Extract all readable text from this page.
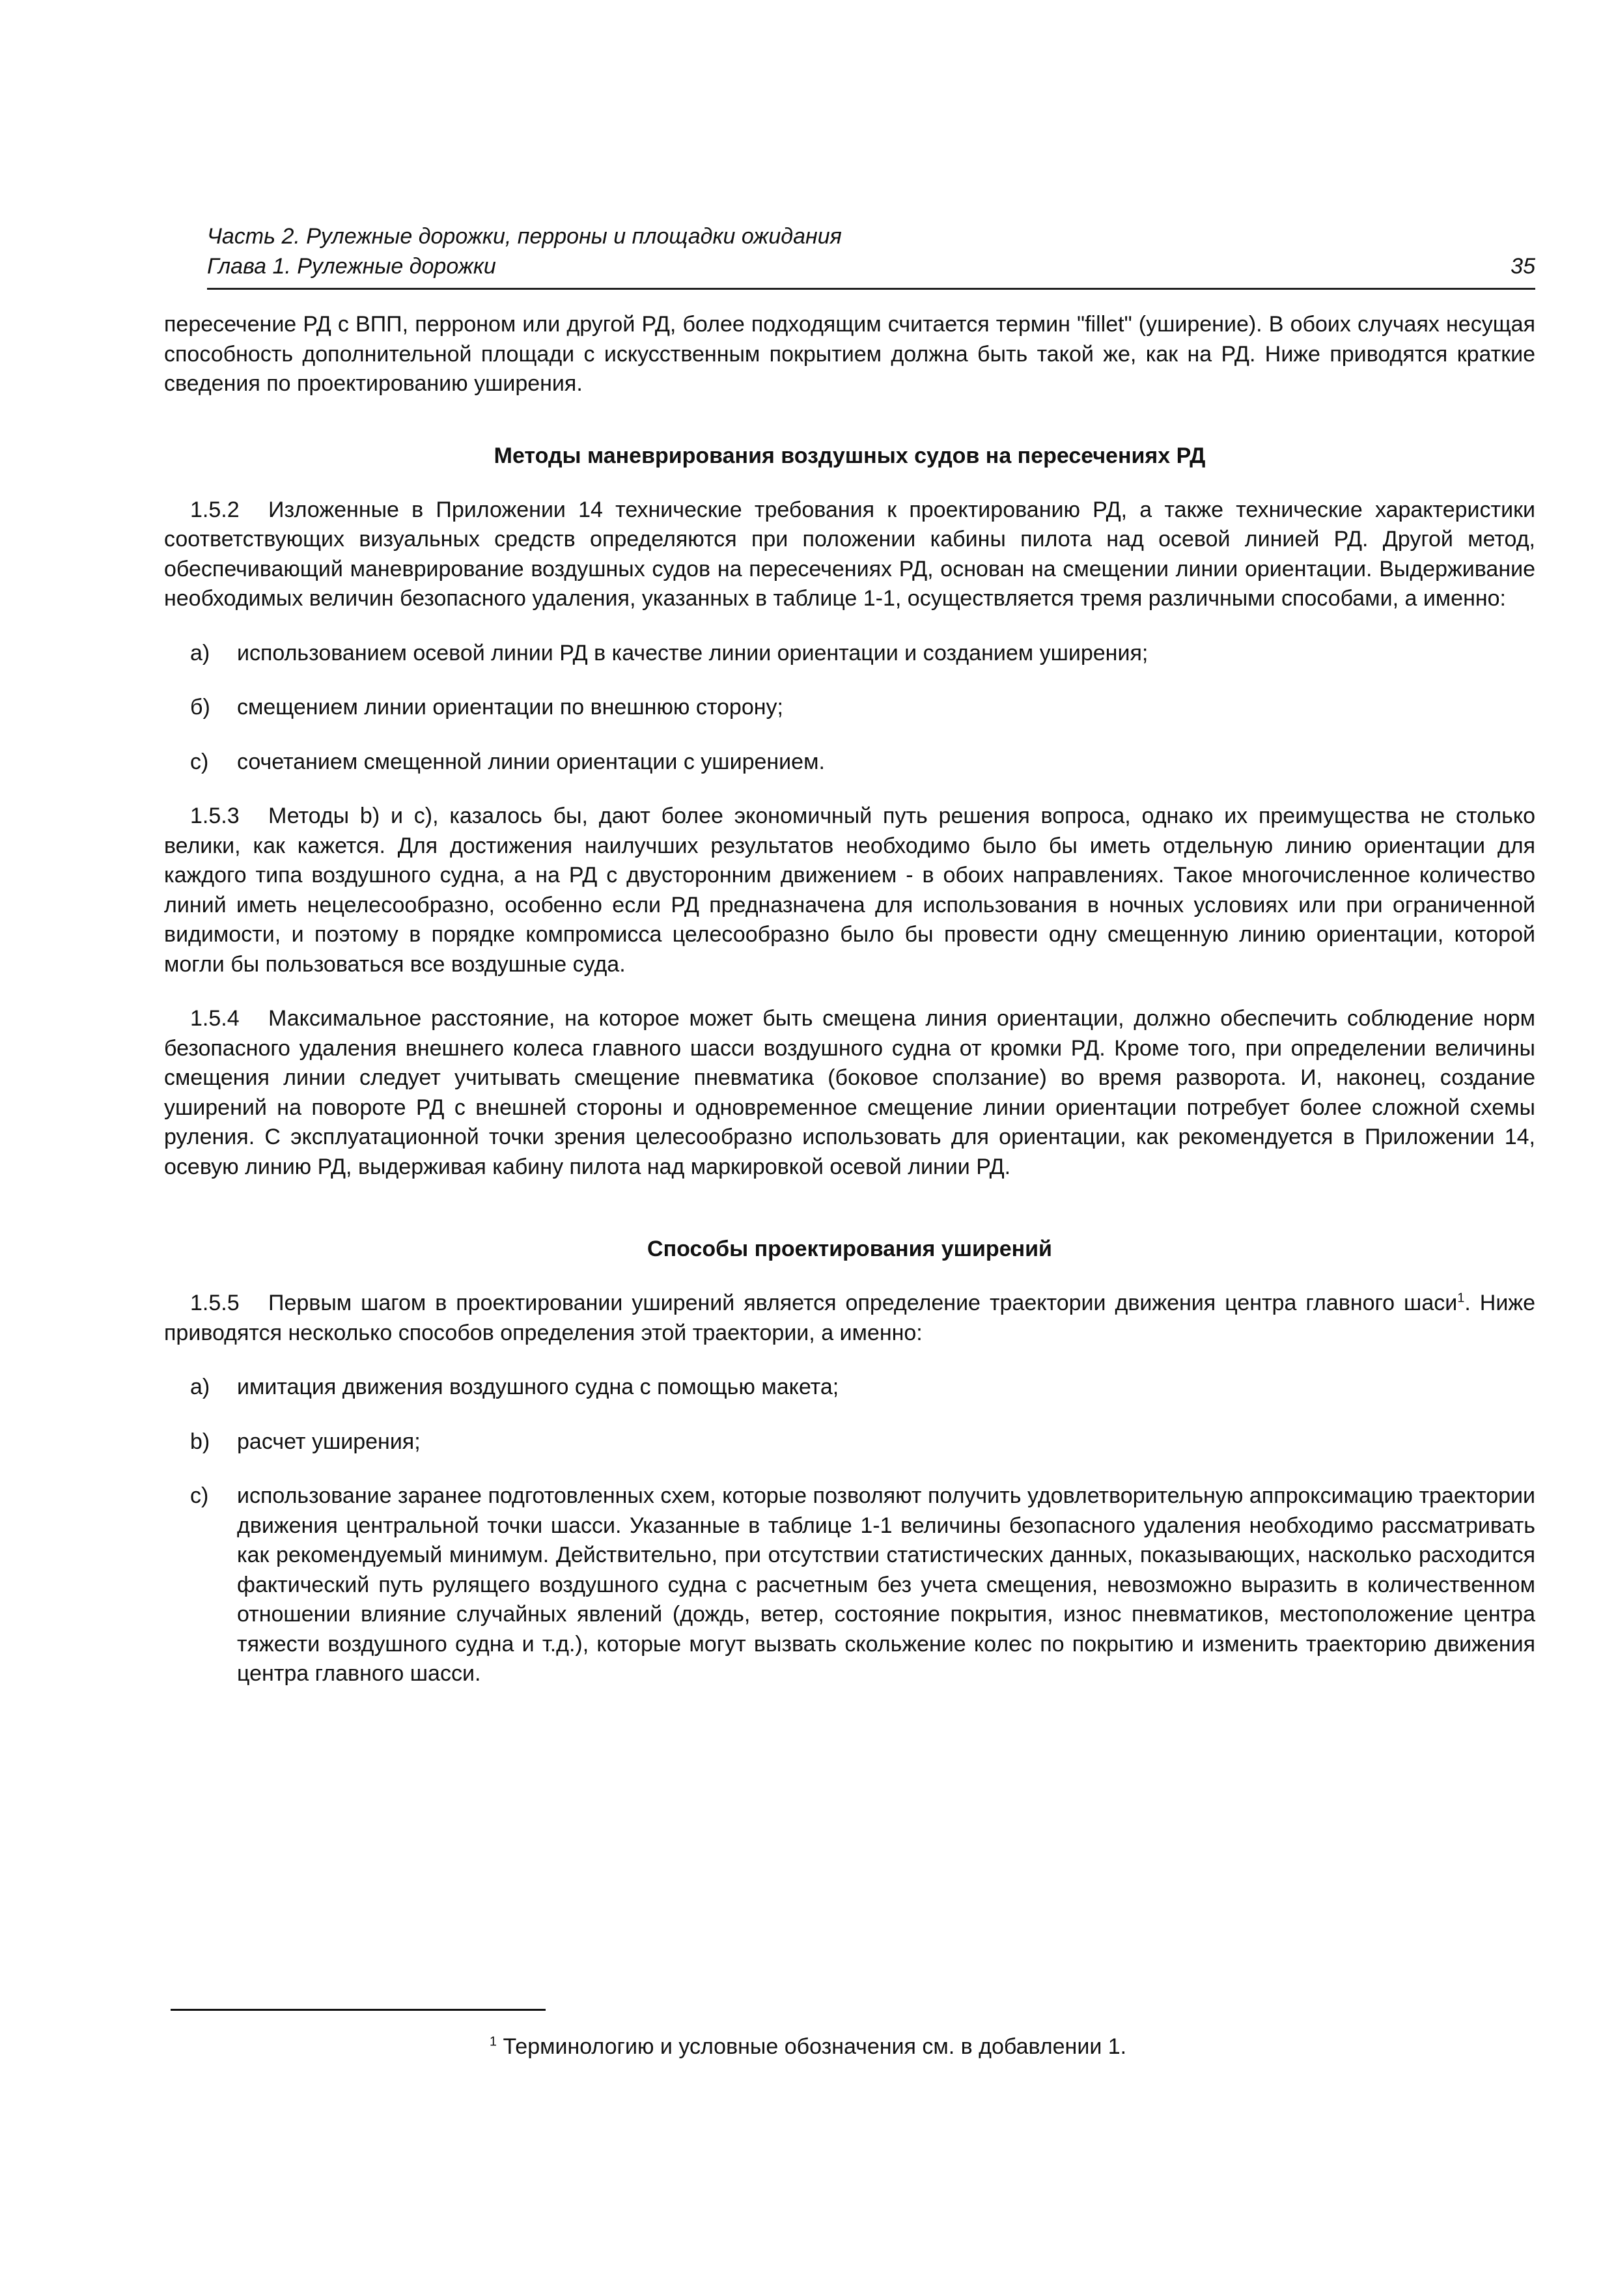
Часть 2. Рулежные дорожки, перроны и площадки ожидания
Глава 1. Рулежные дорожки	35

пересечение РД с ВПП, перроном или другой РД, более подходящим считается термин "fillet" (уширение). В обоих случаях несущая способность дополнительной площади с искусственным покрытием должна быть такой же, как на РД. Ниже приводятся краткие сведения по проектированию уширения.

Методы маневрирования воздушных судов на пересечениях РД

1.5.2 Изложенные в Приложении 14 технические требования к проектированию РД, а также технические характеристики соответствующих визуальных средств определяются при положении кабины пилота над осевой линией РД. Другой метод, обеспечивающий маневрирование воздушных судов на пересечениях РД, основан на смещении линии ориентации. Выдерживание необходимых величин безопасного удаления, указанных в таблице 1-1, осуществляется тремя различными способами, а именно:

a) использованием осевой линии РД в качестве линии ориентации и созданием уширения;
б) смещением линии ориентации по внешнюю сторону;
c) сочетанием смещенной линии ориентации с уширением.

1.5.3 Методы b) и c), казалось бы, дают более экономичный путь решения вопроса, однако их преимущества не столько велики, как кажется. Для достижения наилучших результатов необходимо было бы иметь отдельную линию ориентации для каждого типа воздушного судна, а на РД с двусторонним движением - в обоих направлениях. Такое многочисленное количество линий иметь нецелесообразно, особенно если РД предназначена для использования в ночных условиях или при ограниченной видимости, и поэтому в порядке компромисса целесообразно было бы провести одну смещенную линию ориентации, которой могли бы пользоваться все воздушные суда.

1.5.4 Максимальное расстояние, на которое может быть смещена линия ориентации, должно обеспечить соблюдение норм безопасного удаления внешнего колеса главного шасси воздушного судна от кромки РД. Кроме того, при определении величины смещения линии следует учитывать смещение пневматика (боковое сползание) во время разворота. И, наконец, создание уширений на повороте РД с внешней стороны и одновременное смещение линии ориентации потребует более сложной схемы руления. С эксплуатационной точки зрения целесообразно использовать для ориентации, как рекомендуется в Приложении 14, осевую линию РД, выдерживая кабину пилота над маркировкой осевой линии РД.

Способы проектирования уширений

1.5.5 Первым шагом в проектировании уширений является определение траектории движения центра главного шаси$^1$. Ниже приводятся несколько способов определения этой траектории, а именно:

a) имитация движения воздушного судна с помощью макета;
b) расчет уширения;
c) использование заранее подготовленных схем, которые позволяют получить удовлетворительную аппроксимацию траектории движения центральной точки шасси. Указанные в таблице 1-1 величины безопасного удаления необходимо рассматривать как рекомендуемый минимум. Действительно, при отсутствии статистических данных, показывающих, насколько расходится фактический путь рулящего воздушного судна с расчетным без учета смещения, невозможно выразить в количественном отношении влияние случайных явлений (дождь, ветер, состояние покрытия, износ пневматиков, местоположение центра тяжести воздушного судна и т.д.), которые могут вызвать скольжение колес по покрытию и изменить траекторию движения центра главного шасси.
$^1$ Терминологию и условные обозначения см. в добавлении 1.
